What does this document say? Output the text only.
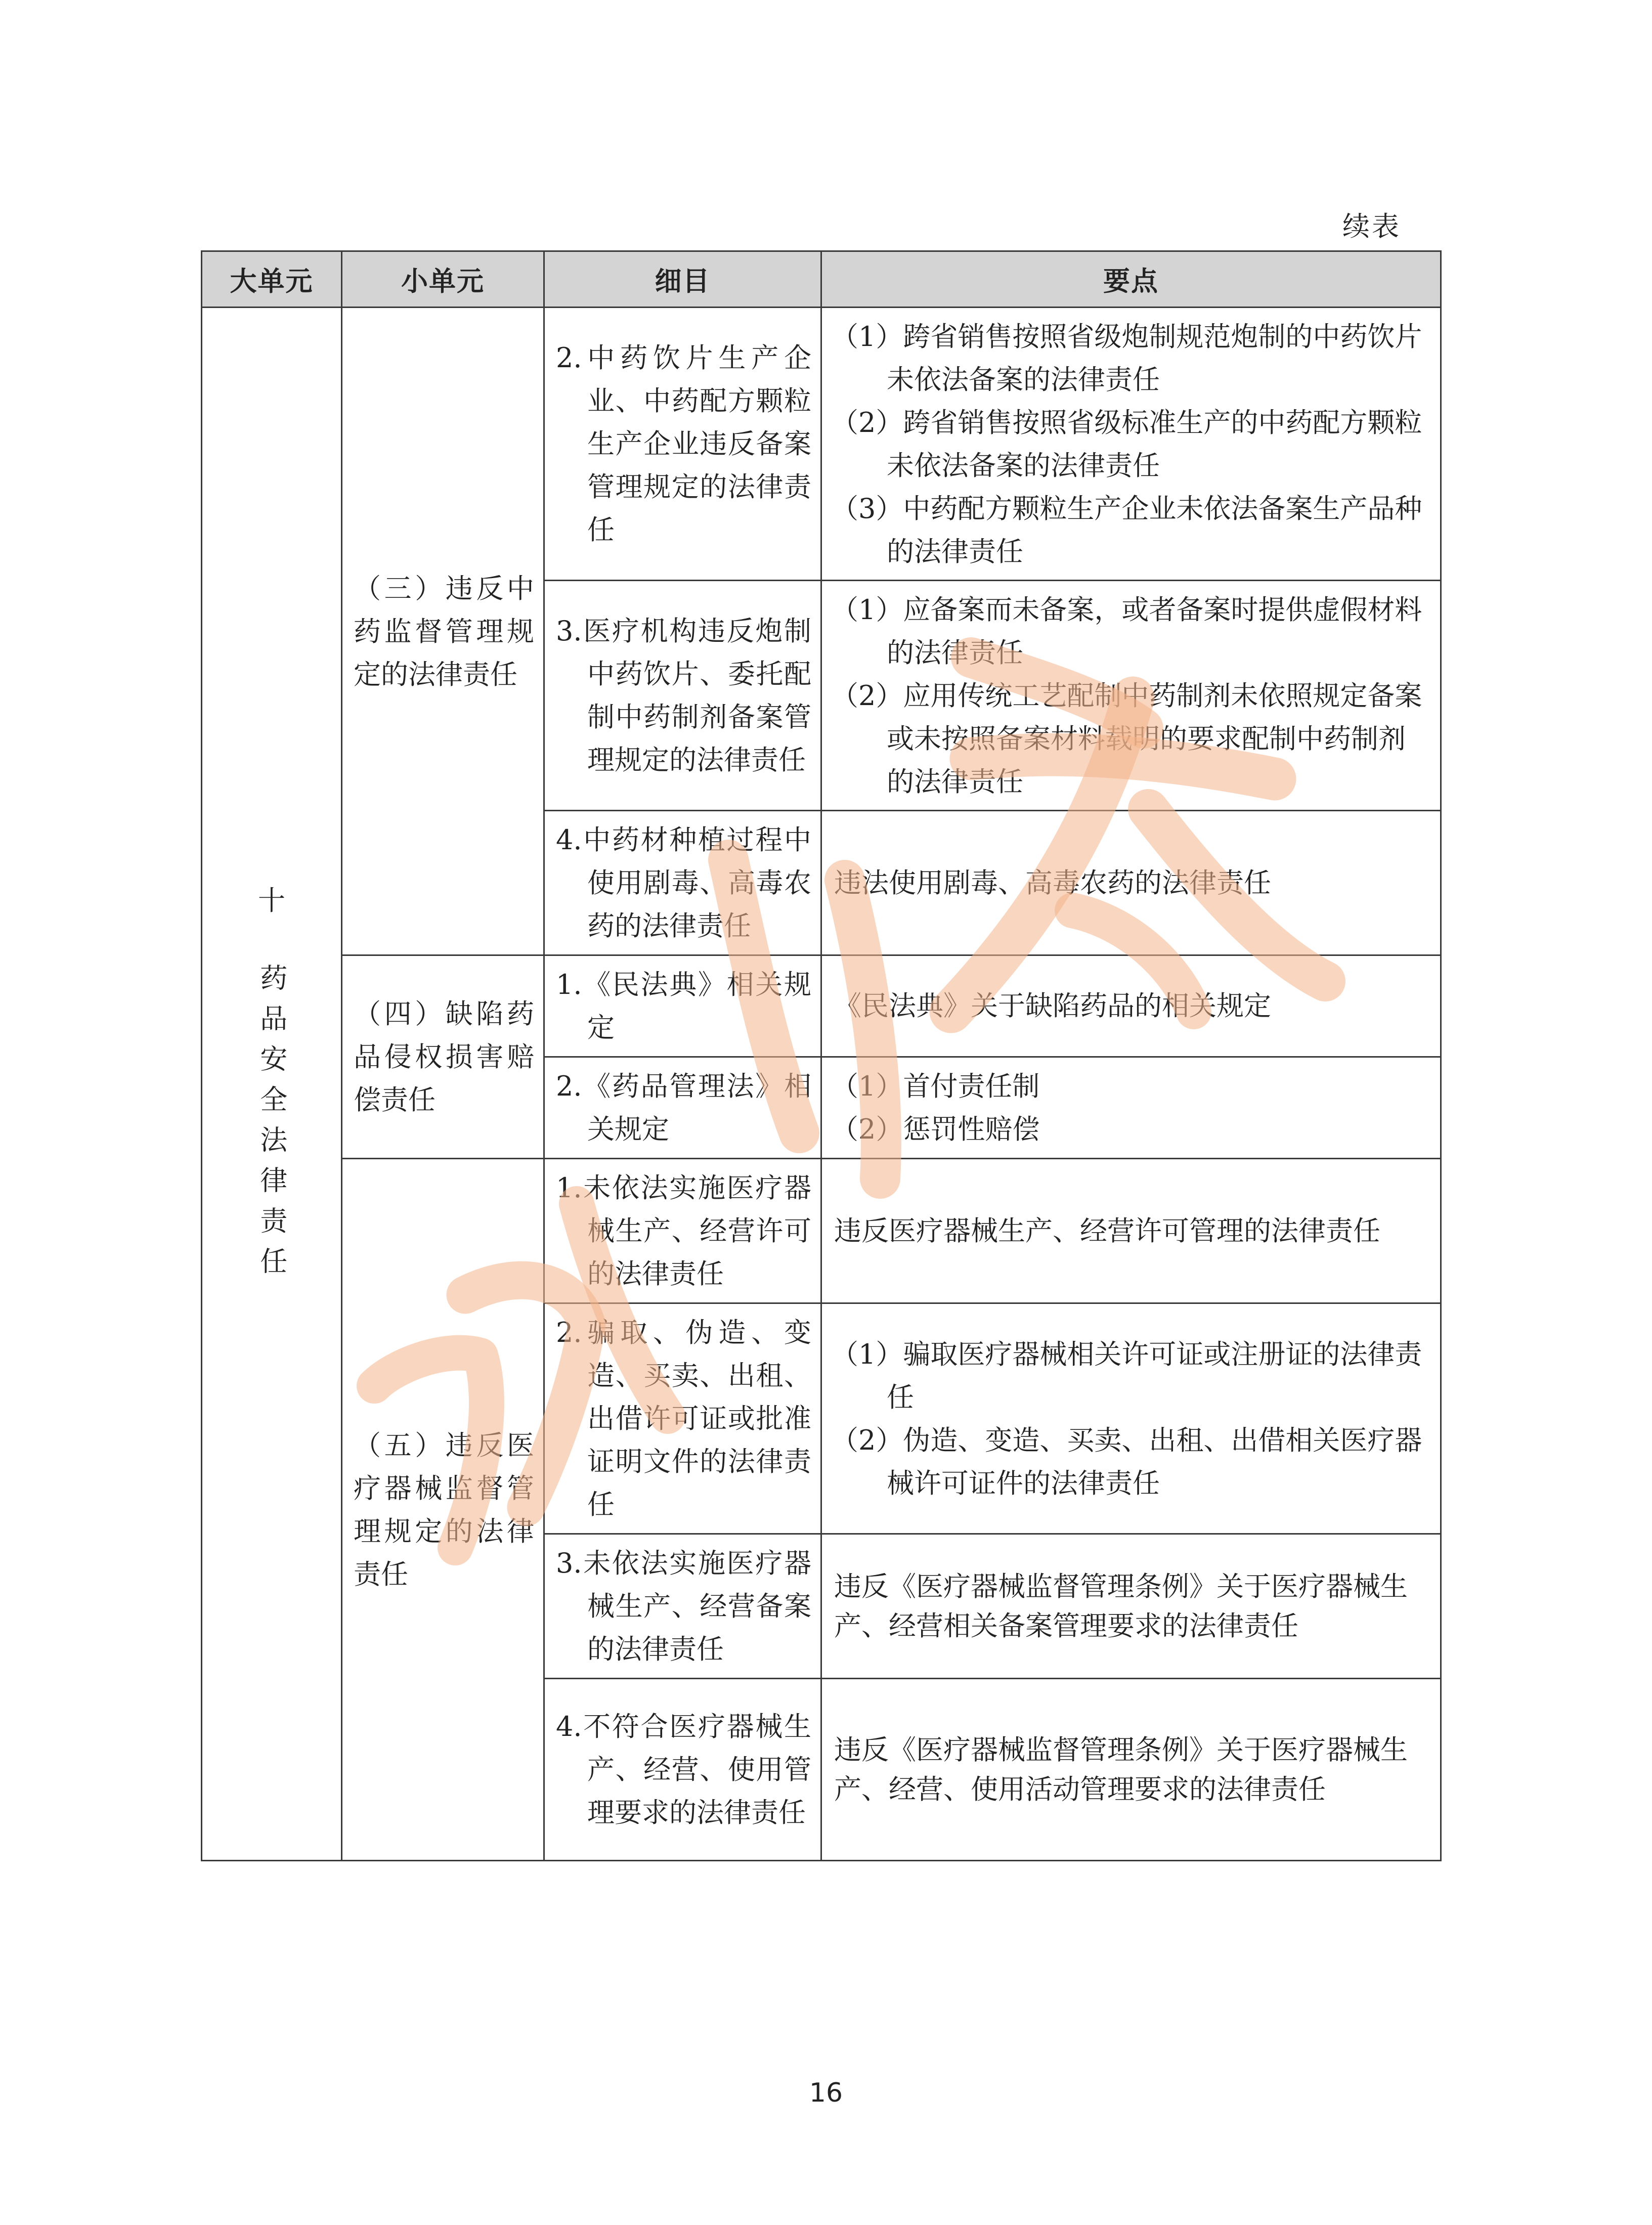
续表
大单元	小单元	细目	要点

十
药品安全法律责任	（三）违反中药监督管理规定的法律责任	2.中药饮片生产企业、中药配方颗粒生产企业违反备案管理规定的法律责任	（1）跨省销售按照省级炮制规范炮制的中药饮片未依法备案的法律责任
（2）跨省销售按照省级标准生产的中药配方颗粒未依法备案的法律责任
（3）中药配方颗粒生产企业未依法备案生产品种的法律责任

		3.医疗机构违反炮制中药饮片、委托配制中药制剂备案管理规定的法律责任	（1）应备案而未备案，或者备案时提供虚假材料的法律责任
（2）应用传统工艺配制中药制剂未依照规定备案或未按照备案材料载明的要求配制中药制剂的法律责任

		4.中药材种植过程中使用剧毒、高毒农药的法律责任	违法使用剧毒、高毒农药的法律责任

	（四）缺陷药品侵权损害赔偿责任	1.《民法典》相关规定	《民法典》关于缺陷药品的相关规定

		2.《药品管理法》相关规定	（1）首付责任制
（2）惩罚性赔偿

	（五）违反医疗器械监督管理规定的法律责任	1.未依法实施医疗器械生产、经营许可的法律责任	违反医疗器械生产、经营许可管理的法律责任

		2.骗取、伪造、变造、买卖、出租、出借许可证或批准证明文件的法律责任	（1）骗取医疗器械相关许可证或注册证的法律责任
（2）伪造、变造、买卖、出租、出借相关医疗器械许可证件的法律责任

		3.未依法实施医疗器械生产、经营备案的法律责任	违反《医疗器械监督管理条例》关于医疗器械生产、经营相关备案管理要求的法律责任

		4.不符合医疗器械生产、经营、使用管理要求的法律责任	违反《医疗器械监督管理条例》关于医疗器械生产、经营、使用活动管理要求的法律责任
16
